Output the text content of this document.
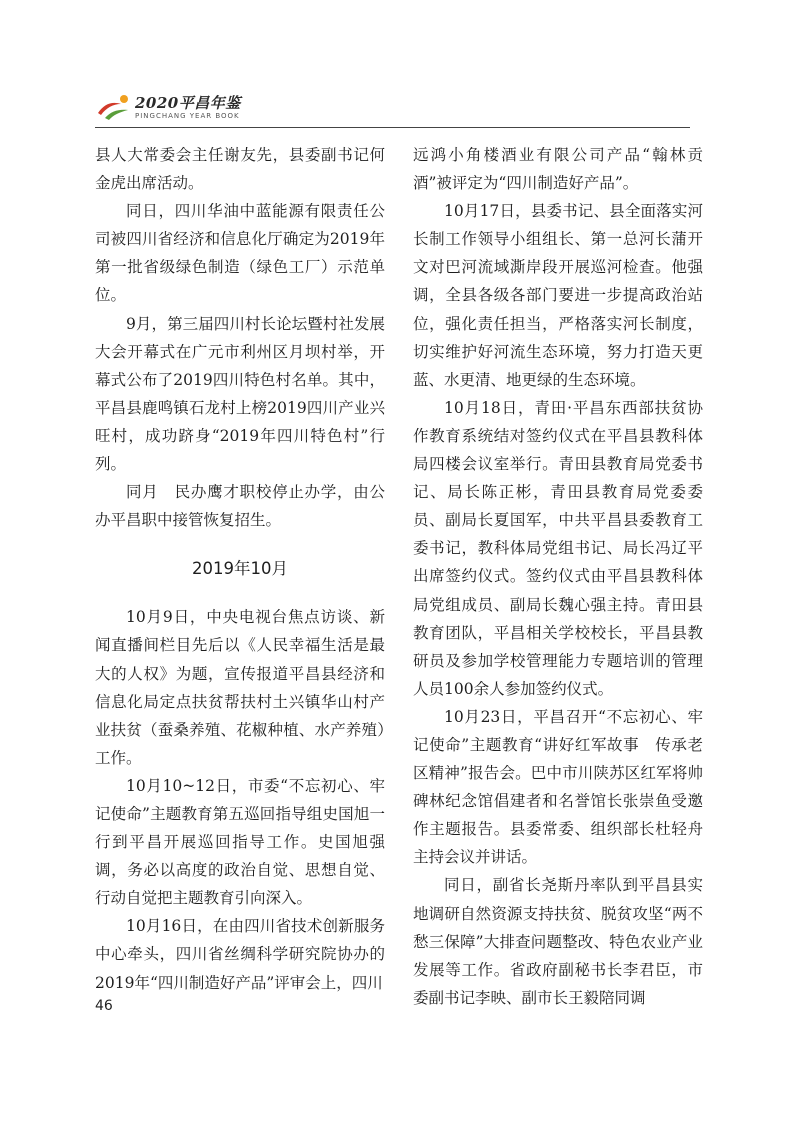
2020平昌年鉴
PINGCHANG YEAR BOOK

县人大常委会主任谢友先，县委副书记何金虎出席活动。

同日，四川华油中蓝能源有限责任公司被四川省经济和信息化厅确定为2019年第一批省级绿色制造（绿色工厂）示范单位。

9月，第三届四川村长论坛暨村社发展大会开幕式在广元市利州区月坝村举，开幕式公布了2019四川特色村名单。其中，平昌县鹿鸣镇石龙村上榜2019四川产业兴旺村，成功跻身“2019年四川特色村”行列。

同月　民办鹰才职校停止办学，由公办平昌职中接管恢复招生。

2019年10月

10月9日，中央电视台焦点访谈、新闻直播间栏目先后以《人民幸福生活是最大的人权》为题，宣传报道平昌县经济和信息化局定点扶贫帮扶村土兴镇华山村产业扶贫（蚕桑养殖、花椒种植、水产养殖）工作。

10月10~12日，市委“不忘初心、牢记使命”主题教育第五巡回指导组史国旭一行到平昌开展巡回指导工作。史国旭强调，务必以高度的政治自觉、思想自觉、行动自觉把主题教育引向深入。

10月16日，在由四川省技术创新服务中心牵头，四川省丝绸科学研究院协办的2019年“四川制造好产品”评审会上，四川

远鸿小角楼酒业有限公司产品“翰林贡酒”被评定为“四川制造好产品”。

10月17日，县委书记、县全面落实河长制工作领导小组组长、第一总河长蒲开文对巴河流域澌岸段开展巡河检查。他强调，全县各级各部门要进一步提高政治站位，强化责任担当，严格落实河长制度，切实维护好河流生态环境，努力打造天更蓝、水更清、地更绿的生态环境。

10月18日，青田·平昌东西部扶贫协作教育系统结对签约仪式在平昌县教科体局四楼会议室举行。青田县教育局党委书记、局长陈正彬，青田县教育局党委委员、副局长夏国军，中共平昌县委教育工委书记，教科体局党组书记、局长冯辽平出席签约仪式。签约仪式由平昌县教科体局党组成员、副局长魏心强主持。青田县教育团队，平昌相关学校校长，平昌县教研员及参加学校管理能力专题培训的管理人员100余人参加签约仪式。

10月23日，平昌召开“不忘初心、牢记使命”主题教育“讲好红军故事　传承老区精神”报告会。巴中市川陕苏区红军将帅碑林纪念馆倡建者和名誉馆长张崇鱼受邀作主题报告。县委常委、组织部长杜轻舟主持会议并讲话。

同日，副省长尧斯丹率队到平昌县实地调研自然资源支持扶贫、脱贫攻坚“两不愁三保障”大排查问题整改、特色农业产业发展等工作。省政府副秘书长李君臣，市委副书记李映、副市长王毅陪同调

46
